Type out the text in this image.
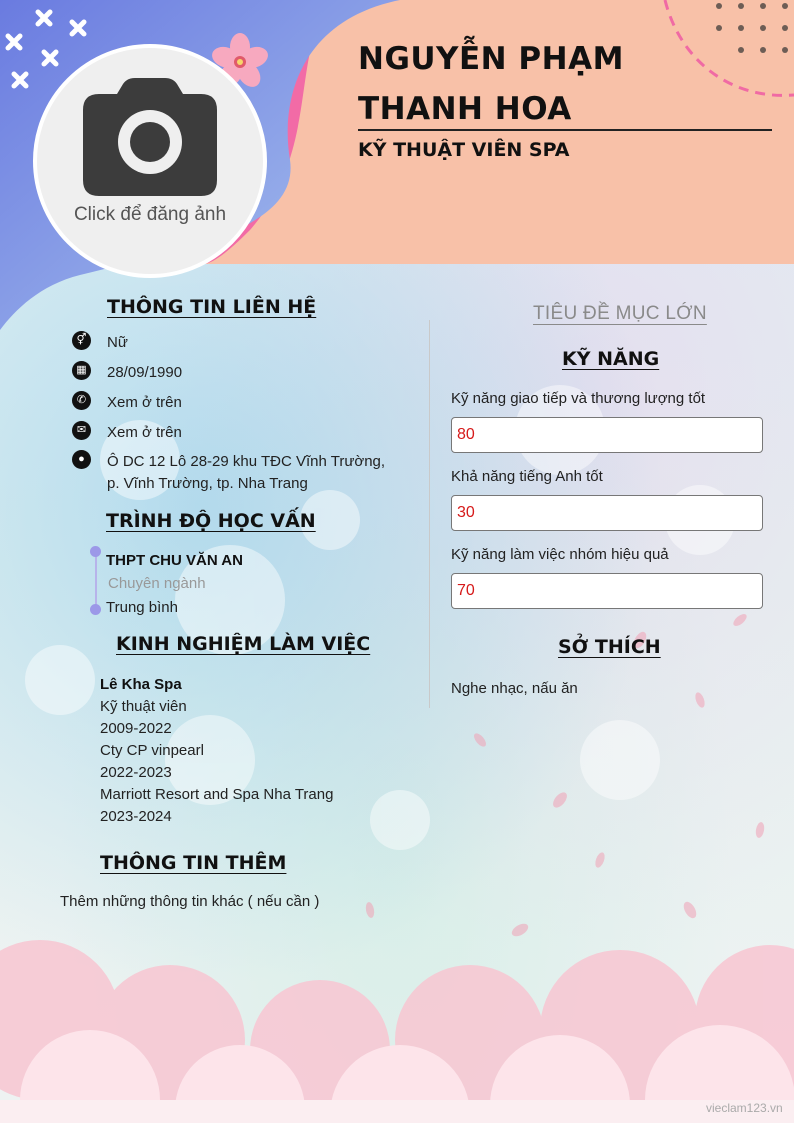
NGUYỄN PHẠM THANH HOA
KỸ THUẬT VIÊN SPA
Click để đăng ảnh
THÔNG TIN LIÊN HỆ
⚥	Nữ
▦ 28/09/1990
✆	Xem ở trên
✉	Xem ở trên
●	Ô DC 12 Lô 28-29 khu TĐC Vĩnh Trường,
p. Vĩnh Trường, tp. Nha Trang
TRÌNH ĐỘ HỌC VẤN
THPT CHU VĂN AN
Chuyên ngành
Trung bình
KINH NGHIỆM LÀM VIỆC
Lê Kha Spa
Kỹ thuật viên
2009-2022
Cty CP vinpearl
2022-2023
Marriott Resort and Spa Nha Trang
2023-2024
THÔNG TIN THÊM
Thêm những thông tin khác ( nếu cần )
TIÊU ĐỀ MỤC LỚN
KỸ NĂNG
Kỹ năng giao tiếp và thương lượng tốt
80
Khả năng tiếng Anh tốt
30
Kỹ năng làm việc nhóm hiệu quả
70
SỞ THÍCH
Nghe nhạc, nấu ăn
vieclam123.vn
